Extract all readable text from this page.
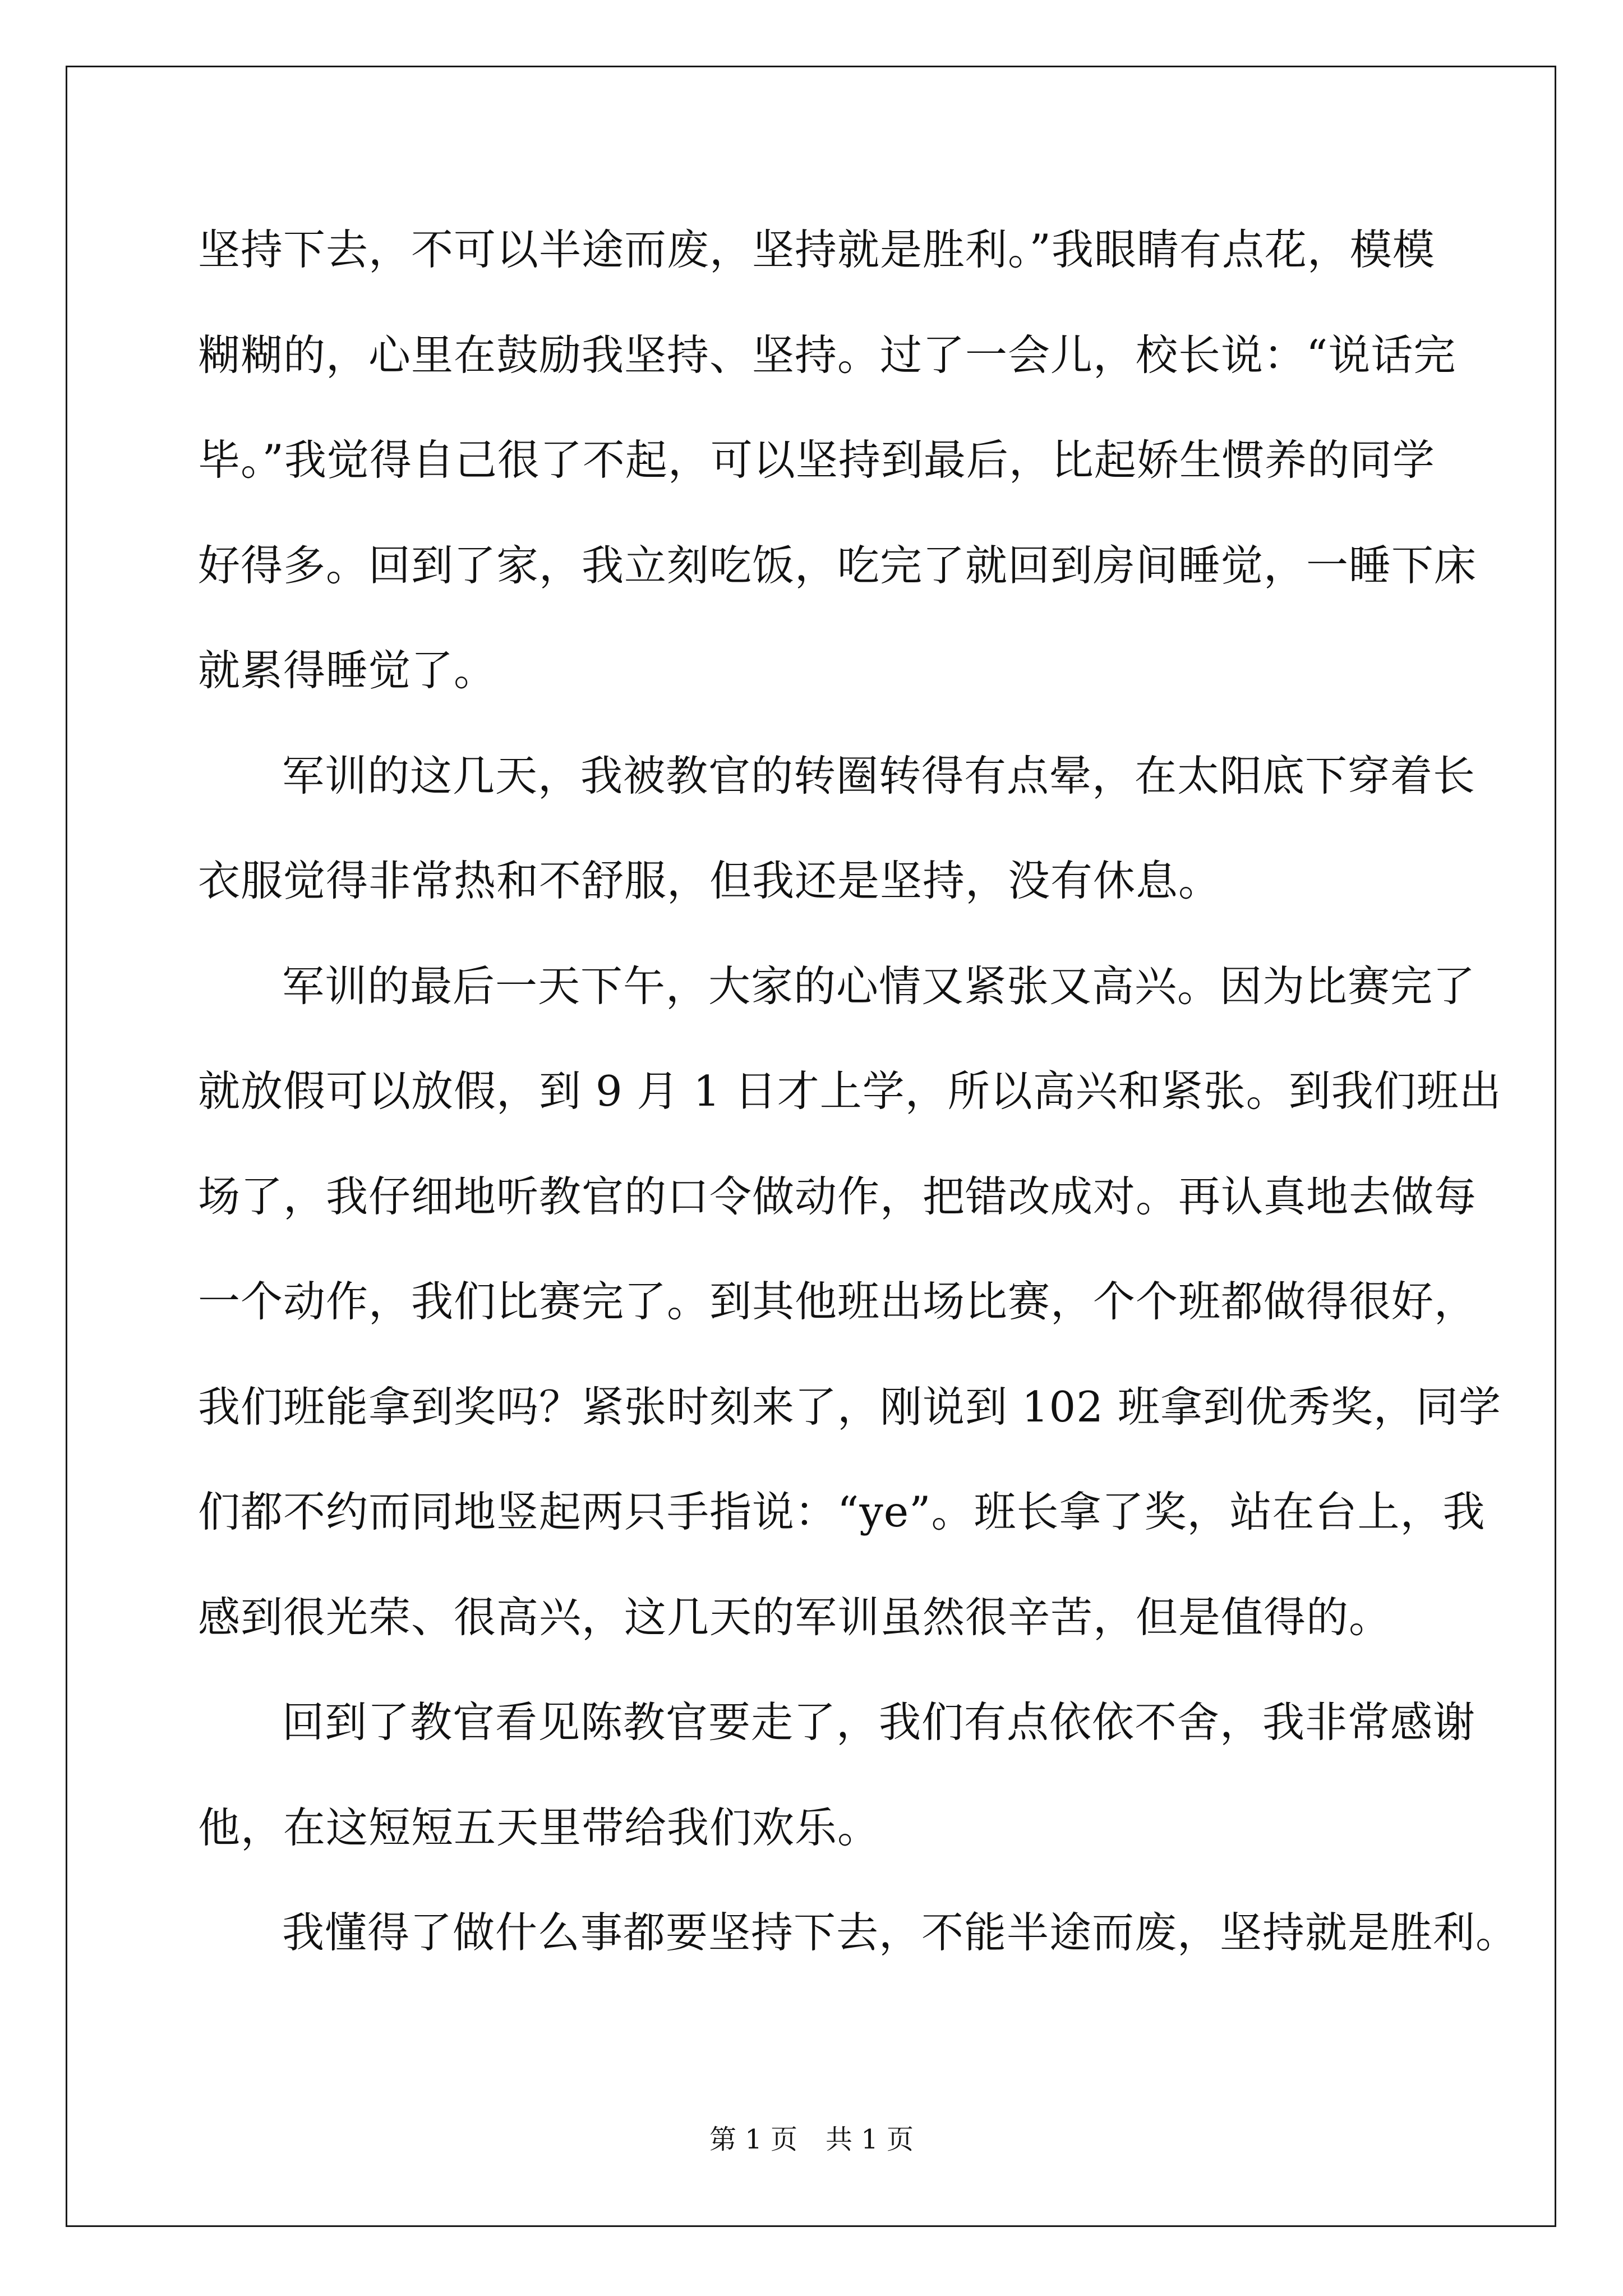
坚持下去，不可以半途而废，坚持就是胜利。”我眼睛有点花，模模
糊糊的，心里在鼓励我坚持、坚持。过了一会儿，校长说：“说话完
毕。”我觉得自己很了不起，可以坚持到最后，比起娇生惯养的同学
好得多。回到了家，我立刻吃饭，吃完了就回到房间睡觉，一睡下床
就累得睡觉了。
军训的这几天，我被教官的转圈转得有点晕，在太阳底下穿着长
衣服觉得非常热和不舒服，但我还是坚持，没有休息。
军训的最后一天下午，大家的心情又紧张又高兴。因为比赛完了
就放假可以放假，到 9 月 1 日才上学，所以高兴和紧张。到我们班出
场了，我仔细地听教官的口令做动作，把错改成对。再认真地去做每
一个动作，我们比赛完了。到其他班出场比赛，个个班都做得很好，
我们班能拿到奖吗？紧张时刻来了，刚说到 102 班拿到优秀奖，同学
们都不约而同地竖起两只手指说：“ye”。班长拿了奖，站在台上，我
感到很光荣、很高兴，这几天的军训虽然很辛苦，但是值得的。
回到了教官看见陈教官要走了，我们有点依依不舍，我非常感谢
他，在这短短五天里带给我们欢乐。
我懂得了做什么事都要坚持下去，不能半途而废，坚持就是胜利。
第 1 页 共 1 页
